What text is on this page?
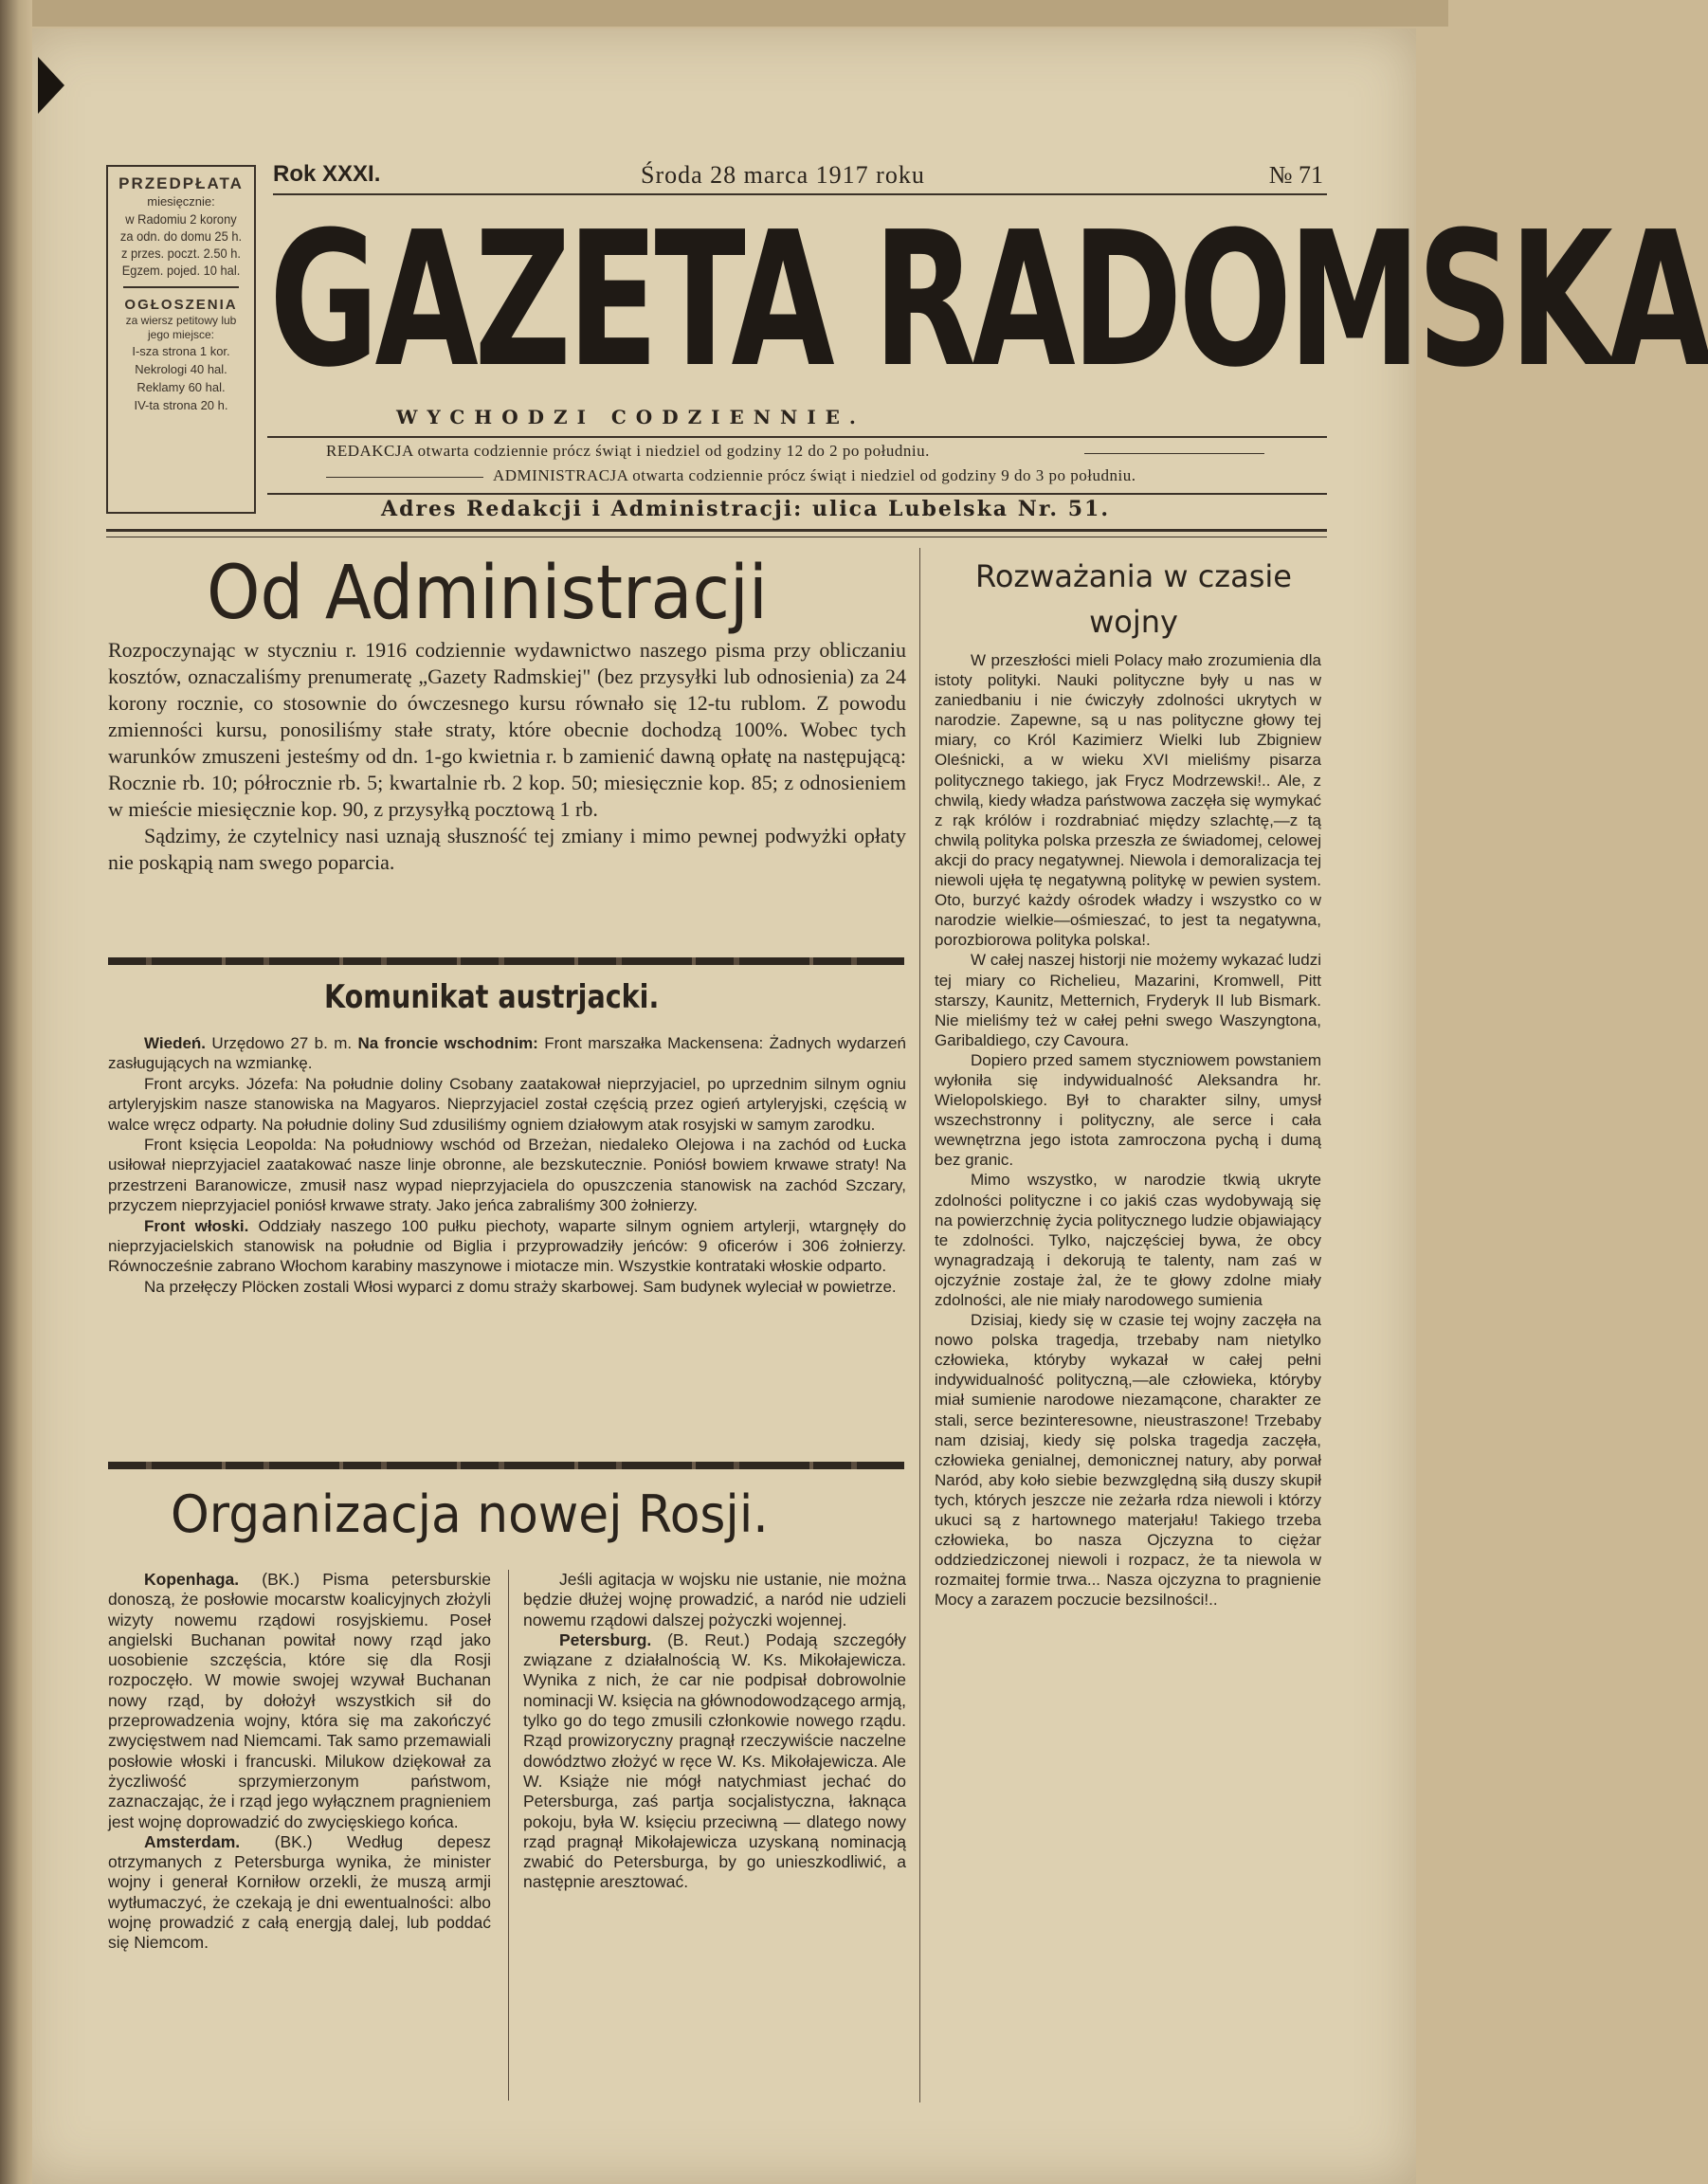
PRZEDPŁATA
miesięcznie:
w Radomiu 2 korony
za odn. do domu 25 h.
z przes. poczt. 2.50 h.
Egzem. pojed. 10 hal.
OGŁOSZENIA
za wiersz petitowy lub jego miejsce:
I-sza strona 1 kor.
Nekrologi 40 hal.
Reklamy 60 hal.
IV-ta strona 20 h.
Rok XXXI.	Środa 28 marca 1917 roku	№ 71
GAZETA RADOMSKA
WYCHODZI CODZIENNIE.
REDAKCJA otwarta codziennie prócz świąt i niedziel od godziny 12 do 2 po południu.
ADMINISTRACJA otwarta codziennie prócz świąt i niedziel od godziny 9 do 3 po południu.
Adres Redakcji i Administracji: ulica Lubelska Nr. 51.
Od Administracji

Rozpoczynając w styczniu r. 1916 codziennie wydawnictwo naszego pisma przy obliczaniu kosztów, oznaczaliśmy prenumeratę „Gazety Radmskiej" (bez przysyłki lub odnosienia) za 24 korony rocznie, co stosownie do ówczesnego kursu równało się 12-tu rublom. Z powodu zmienności kursu, ponosiliśmy stałe straty, które obecnie dochodzą 100%. Wobec tych warunków zmuszeni jesteśmy od dn. 1-go kwietnia r. b zamienić dawną opłatę na następującą: Rocznie rb. 10; półrocznie rb. 5; kwartalnie rb. 2 kop. 50; miesięcznie kop. 85; z odnosieniem w mieście miesięcznie kop. 90, z przysyłką pocztową 1 rb.

Sądzimy, że czytelnicy nasi uznają słuszność tej zmiany i mimo pewnej podwyżki opłaty nie poskąpią nam swego poparcia.

Komunikat austrjacki.

Wiedeń. Urzędowo 27 b. m. Na froncie wschodnim: Front marszałka Mackensena: Żadnych wydarzeń zasługujących na wzmiankę.

Front arcyks. Józefa: Na południe doliny Csobany zaatakował nieprzyjaciel, po uprzednim silnym ogniu artyleryjskim nasze stanowiska na Magyaros. Nieprzyjaciel został częścią przez ogień artyleryjski, częścią w walce wręcz odparty. Na południe doliny Sud zdusiliśmy ogniem działowym atak rosyjski w samym zarodku.

Front księcia Leopolda: Na południowy wschód od Brzeżan, niedaleko Olejowa i na zachód od Łucka usiłował nieprzyjaciel zaatakować nasze linje obronne, ale bezskutecznie. Poniósł bowiem krwawe straty! Na przestrzeni Baranowicze, zmusił nasz wypad nieprzyjaciela do opuszczenia stanowisk na zachód Szczary, przyczem nieprzyjaciel poniósł krwawe straty. Jako jeńca zabraliśmy 300 żołnierzy.

Front włoski. Oddziały naszego 100 pułku piechoty, waparte silnym ogniem artylerji, wtargnęły do nieprzyjacielskich stanowisk na południe od Biglia i przyprowadziły jeńców: 9 oficerów i 306 żołnierzy. Równocześnie zabrano Włochom karabiny maszynowe i miotacze min. Wszystkie kontrataki włoskie odparto.

Na przełęczy Plöcken zostali Włosi wyparci z domu straży skarbowej. Sam budynek wyleciał w powietrze.

Organizacja nowej Rosji.

Kopenhaga. (BK.) Pisma petersburskie donoszą, że posłowie mocarstw koalicyjnych złożyli wizyty nowemu rządowi rosyjskiemu. Poseł angielski Buchanan powitał nowy rząd jako uosobienie szczęścia, które się dla Rosji rozpoczęło. W mowie swojej wzywał Buchanan nowy rząd, by dołożył wszystkich sił do przeprowadzenia wojny, która się ma zakończyć zwycięstwem nad Niemcami. Tak samo przemawiali posłowie włoski i francuski. Milukow dziękował za życzliwość sprzymierzonym państwom, zaznaczając, że i rząd jego wyłącznem pragnieniem jest wojnę doprowadzić do zwycięskiego końca.

Amsterdam. (BK.) Według depesz otrzymanych z Petersburga wynika, że minister wojny i generał Korniłow orzekli, że muszą armji wytłumaczyć, że czekają je dni ewentualności: albo wojnę prowadzić z całą energją dalej, lub poddać się Niemcom.

Jeśli agitacja w wojsku nie ustanie, nie można będzie dłużej wojnę prowadzić, a naród nie udzieli nowemu rządowi dalszej pożyczki wojennej.

Petersburg. (B. Reut.) Podają szczegóły związane z działalnością W. Ks. Mikołajewicza. Wynika z nich, że car nie podpisał dobrowolnie nominacji W. księcia na głównodowodzącego armją, tylko go do tego zmusili członkowie nowego rządu. Rząd prowizoryczny pragnął rzeczywiście naczelne dowództwo złożyć w ręce W. Ks. Mikołajewicza. Ale W. Książe nie mógł natychmiast jechać do Petersburga, zaś partja socjalistyczna, łaknąca pokoju, była W. księciu przeciwną — dlatego nowy rząd pragnął Mikołajewicza uzyskaną nominacją zwabić do Petersburga, by go unieszkodliwić, a następnie aresztować.

Rozważania w czasie wojny

W przeszłości mieli Polacy mało zrozumienia dla istoty polityki. Nauki polityczne były u nas w zaniedbaniu i nie ćwiczyły zdolności ukrytych w narodzie. Zapewne, są u nas polityczne głowy tej miary, co Król Kazimierz Wielki lub Zbigniew Oleśnicki, a w wieku XVI mieliśmy pisarza politycznego takiego, jak Frycz Modrzewski!.. Ale, z chwilą, kiedy władza państwowa zaczęła się wymykać z rąk królów i rozdrabniać między szlachtę,—z tą chwilą polityka polska przeszła ze świadomej, celowej akcji do pracy negatywnej. Niewola i demoralizacja tej niewoli ujęła tę negatywną politykę w pewien system. Oto, burzyć każdy ośrodek władzy i wszystko co w narodzie wielkie—ośmieszać, to jest ta negatywna, porozbiorowa polityka polska!.

W całej naszej historji nie możemy wykazać ludzi tej miary co Richelieu, Mazarini, Kromwell, Pitt starszy, Kaunitz, Metternich, Fryderyk II lub Bismark. Nie mieliśmy też w całej pełni swego Waszyngtona, Garibaldiego, czy Cavoura.

Dopiero przed samem styczniowem powstaniem wyłoniła się indywidualność Aleksandra hr. Wielopolskiego. Był to charakter silny, umysł wszechstronny i polityczny, ale serce i cała wewnętrzna jego istota zamroczona pychą i dumą bez granic.

Mimo wszystko, w narodzie tkwią ukryte zdolności polityczne i co jakiś czas wydobywają się na powierzchnię życia politycznego ludzie objawiający te zdolności. Tylko, najczęściej bywa, że obcy wynagradzają i dekorują te talenty, nam zaś w ojczyźnie zostaje żal, że te głowy zdolne miały zdolności, ale nie miały narodowego sumienia

Dzisiaj, kiedy się w czasie tej wojny zaczęła na nowo polska tragedja, trzebaby nam nietylko człowieka, któryby wykazał w całej pełni indywidualność polityczną,—ale człowieka, któryby miał sumienie narodowe niezamącone, charakter ze stali, serce bezinteresowne, nieustraszone! Trzebaby nam dzisiaj, kiedy się polska tragedja zaczęła, człowieka genialnej, demonicznej natury, aby porwał Naród, aby koło siebie bezwzględną siłą duszy skupił tych, których jeszcze nie zeżarła rdza niewoli i którzy ukuci są z hartownego materjału! Takiego trzeba człowieka, bo nasza Ojczyzna to ciężar oddziedziczonej niewoli i rozpacz, że ta niewola w rozmaitej formie trwa... Nasza ojczyzna to pragnienie Mocy a zarazem poczucie bezsilności!..
